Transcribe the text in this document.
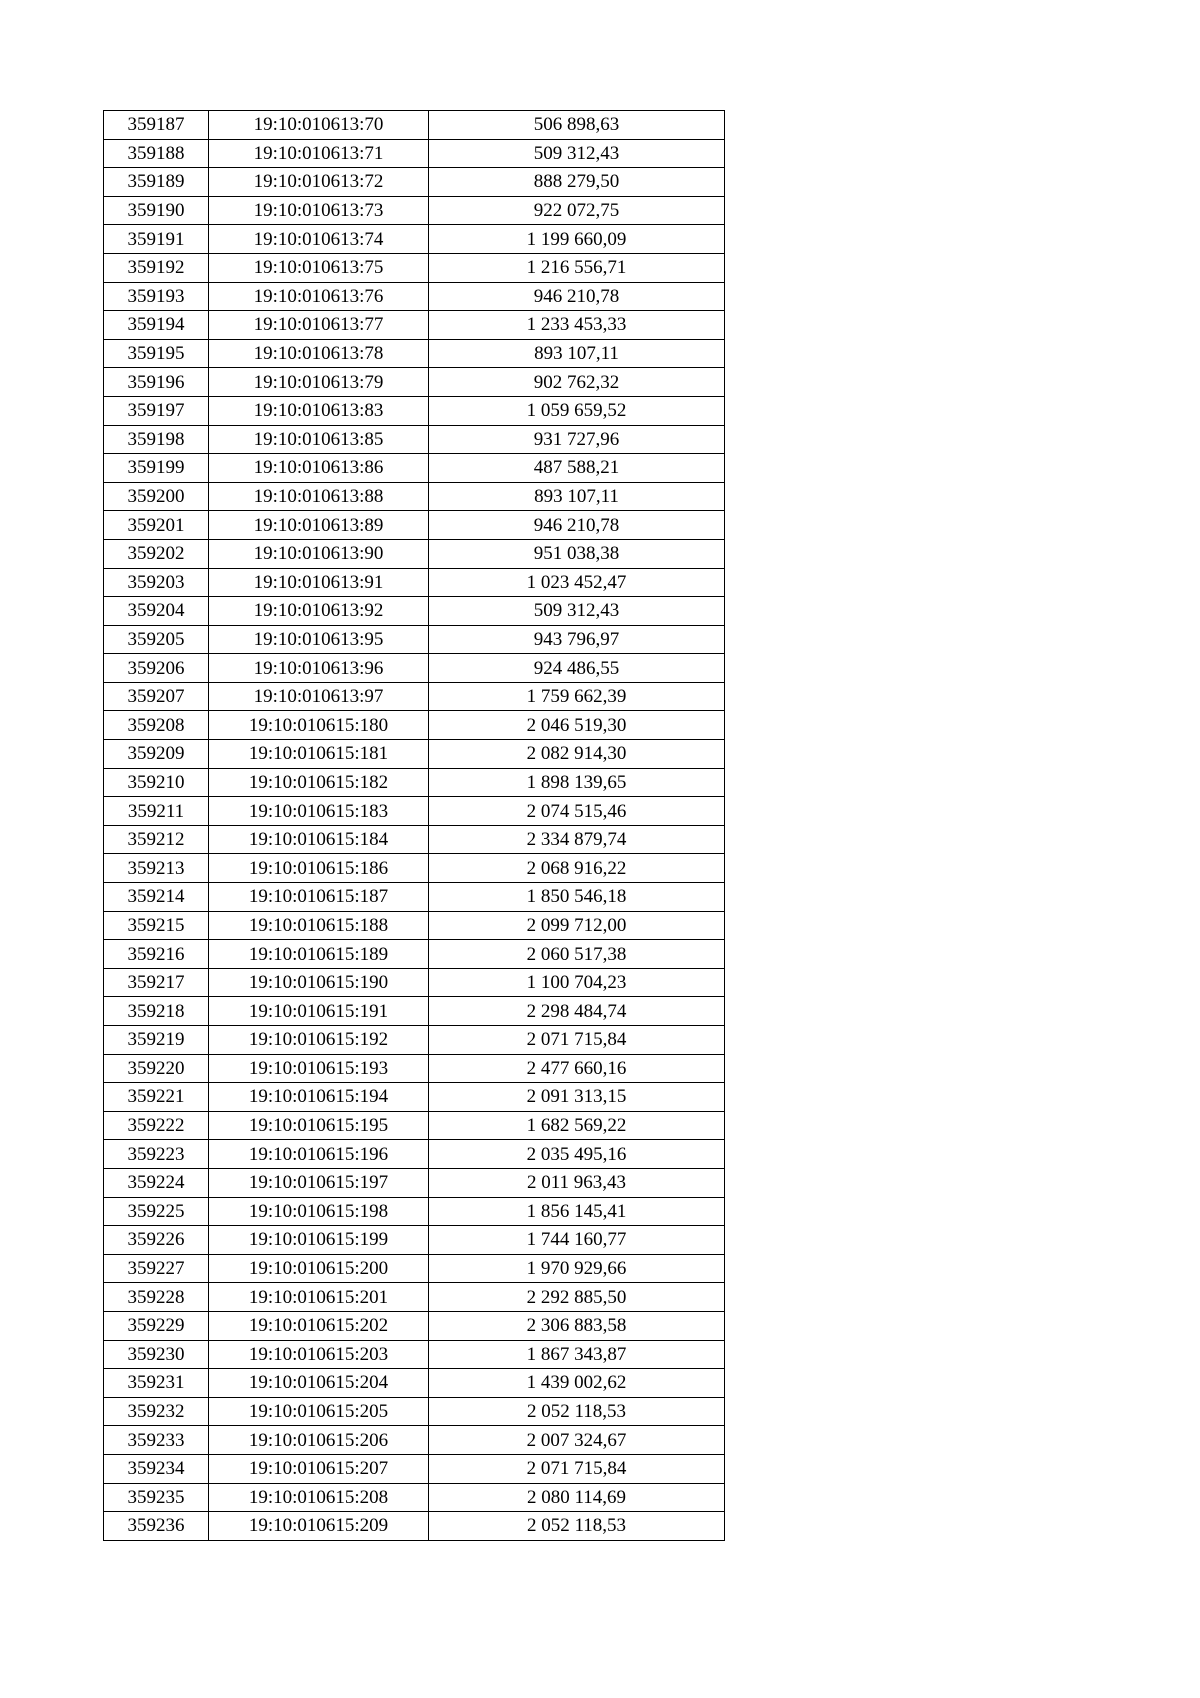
359187	19:10:010613:70	506 898,63
359188	19:10:010613:71	509 312,43
359189	19:10:010613:72	888 279,50
359190	19:10:010613:73	922 072,75
359191	19:10:010613:74	1 199 660,09
359192	19:10:010613:75	1 216 556,71
359193	19:10:010613:76	946 210,78
359194	19:10:010613:77	1 233 453,33
359195	19:10:010613:78	893 107,11
359196	19:10:010613:79	902 762,32
359197	19:10:010613:83	1 059 659,52
359198	19:10:010613:85	931 727,96
359199	19:10:010613:86	487 588,21
359200	19:10:010613:88	893 107,11
359201	19:10:010613:89	946 210,78
359202	19:10:010613:90	951 038,38
359203	19:10:010613:91	1 023 452,47
359204	19:10:010613:92	509 312,43
359205	19:10:010613:95	943 796,97
359206	19:10:010613:96	924 486,55
359207	19:10:010613:97	1 759 662,39
359208	19:10:010615:180	2 046 519,30
359209	19:10:010615:181	2 082 914,30
359210	19:10:010615:182	1 898 139,65
359211	19:10:010615:183	2 074 515,46
359212	19:10:010615:184	2 334 879,74
359213	19:10:010615:186	2 068 916,22
359214	19:10:010615:187	1 850 546,18
359215	19:10:010615:188	2 099 712,00
359216	19:10:010615:189	2 060 517,38
359217	19:10:010615:190	1 100 704,23
359218	19:10:010615:191	2 298 484,74
359219	19:10:010615:192	2 071 715,84
359220	19:10:010615:193	2 477 660,16
359221	19:10:010615:194	2 091 313,15
359222	19:10:010615:195	1 682 569,22
359223	19:10:010615:196	2 035 495,16
359224	19:10:010615:197	2 011 963,43
359225	19:10:010615:198	1 856 145,41
359226	19:10:010615:199	1 744 160,77
359227	19:10:010615:200	1 970 929,66
359228	19:10:010615:201	2 292 885,50
359229	19:10:010615:202	2 306 883,58
359230	19:10:010615:203	1 867 343,87
359231	19:10:010615:204	1 439 002,62
359232	19:10:010615:205	2 052 118,53
359233	19:10:010615:206	2 007 324,67
359234	19:10:010615:207	2 071 715,84
359235	19:10:010615:208	2 080 114,69
359236	19:10:010615:209	2 052 118,53
